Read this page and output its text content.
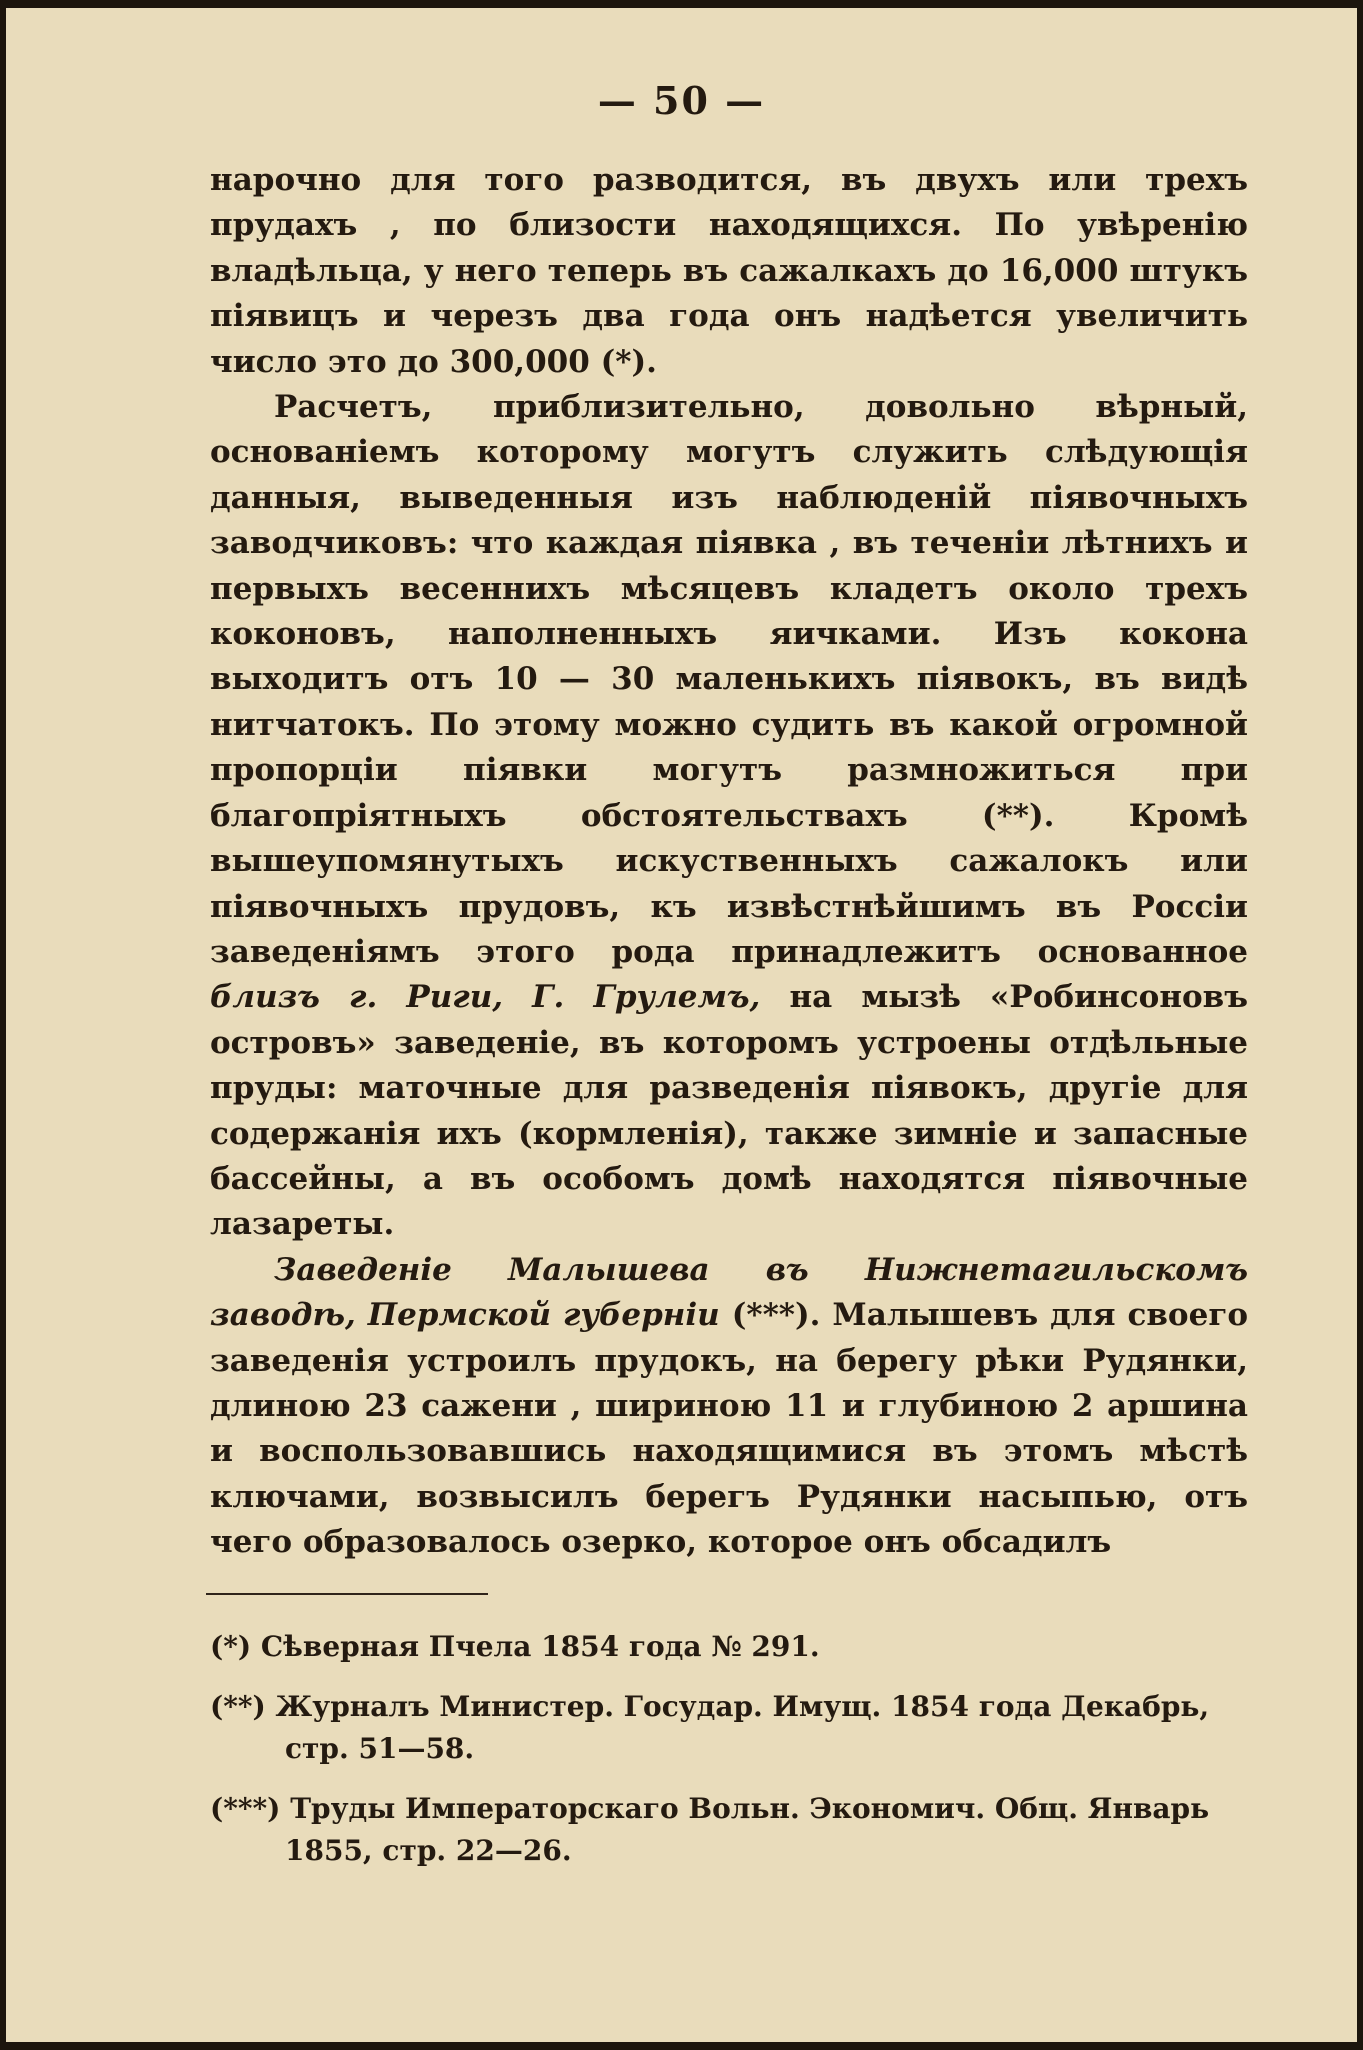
— 50 —

нарочно для того разводится, въ двухъ или трехъ прудахъ , по близости находящихся. По увѣренію владѣльца, у него теперь въ сажалкахъ до 16,000 штукъ піявицъ и черезъ два года онъ надѣется увеличить число это до 300,000 (*).

Расчетъ, приблизительно, довольно вѣрный, основаніемъ которому могутъ служить слѣдующія данныя, выведенныя изъ наблюденій піявочныхъ заводчиковъ: что каждая піявка , въ теченіи лѣтнихъ и первыхъ весеннихъ мѣсяцевъ кладетъ около трехъ коконовъ, наполненныхъ яичками. Изъ кокона выходитъ отъ 10 — 30 маленькихъ піявокъ, въ видѣ нитчатокъ. По этому можно судить въ какой огромной пропорціи піявки могутъ размножиться при благопріятныхъ обстоятельствахъ (**). Кромѣ вышеупомянутыхъ искуственныхъ сажалокъ или піявочныхъ прудовъ, къ извѣстнѣйшимъ въ Россіи заведеніямъ этого рода принадлежитъ основанное близъ г. Риги, Г. Грулемъ, на мызѣ «Робинсоновъ островъ» заведеніе, въ которомъ устроены отдѣльные пруды: маточные для разведенія піявокъ, другіе для содержанія ихъ (кормленія), также зимніе и запасные бассейны, а въ особомъ домѣ находятся піявочные лазареты.

Заведеніе Малышева въ Нижнетагильскомъ заводѣ, Пермской губерніи (***). Малышевъ для своего заведенія устроилъ прудокъ, на берегу рѣки Рудянки, длиною 23 сажени , шириною 11 и глубиною 2 аршина и воспользовавшись находящимися въ этомъ мѣстѣ ключами, возвысилъ берегъ Рудянки насыпью, отъ чего образовалось озерко, которое онъ обсадилъ

(*) Сѣверная Пчела 1854 года № 291.
(**) Журналъ Министер. Государ. Имущ. 1854 года Декабрь,
стр. 51—58.
(***) Труды Императорскаго Вольн. Экономич. Общ. Январь
1855, стр. 22—26.
